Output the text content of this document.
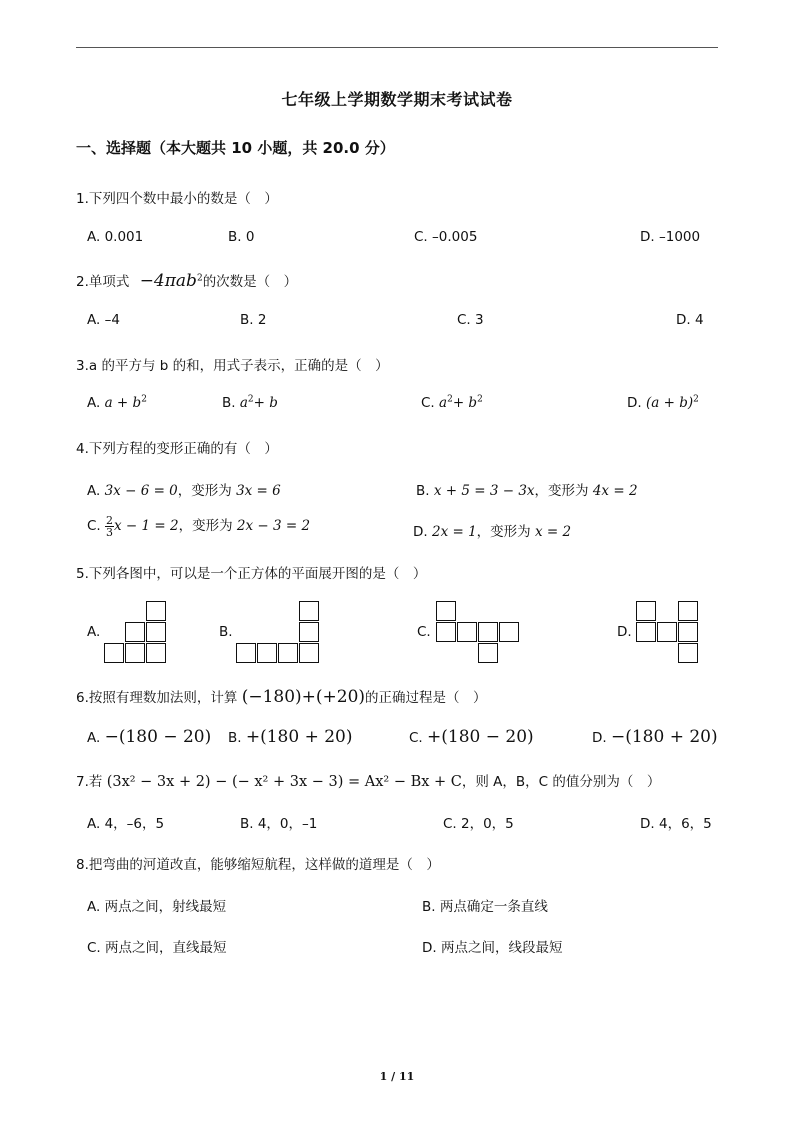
七年级上学期数学期末考试试卷
一、选择题（本大题共 10 小题，共 20.0 分）
1.下列四个数中最小的数是（　）
A. 0.001	B. 0	C. –0.005	D. –1000
2.单项式 −4πab$^2$的次数是（　）
A. –4	B. 2	C. 3	D. 4
3.a 的平方与 b 的和，用式子表示，正确的是（　）
A. $a + b^2$	B. $a^2+ b$	C. $a^2+ b^2$	D. $(a + b)^2$
4.下列方程的变形正确的有（　）
A. 3x − 6 = 0，变形为 3x = 6	B. x + 5 = 3 − 3x，变形为 4x = 2
C. $\frac{2}{3}$ x − 1 = 2，变形为 2x − 3 = 2	D. 2x = 1，变形为 x = 2
5.下列各图中，可以是一个正方体的平面展开图的是（　）
A.	B.	C.	D.
6.按照有理数加法则，计算 (−180)+(+20)的正确过程是（　）
A. −(180 − 20) B. +(180 + 20)	C. +(180 − 20)	D. −(180 + 20)
7.若 (3x² − 3x + 2) − (− x² + 3x − 3) = Ax² − Bx + C，则 A，B，C 的值分别为（　）
A. 4，–6，5	B. 4，0，–1	C. 2，0，5	D. 4，6，5
8.把弯曲的河道改直，能够缩短航程，这样做的道理是（　）
A. 两点之间，射线最短	B. 两点确定一条直线
C. 两点之间，直线最短	D. 两点之间，线段最短
1 / 11
